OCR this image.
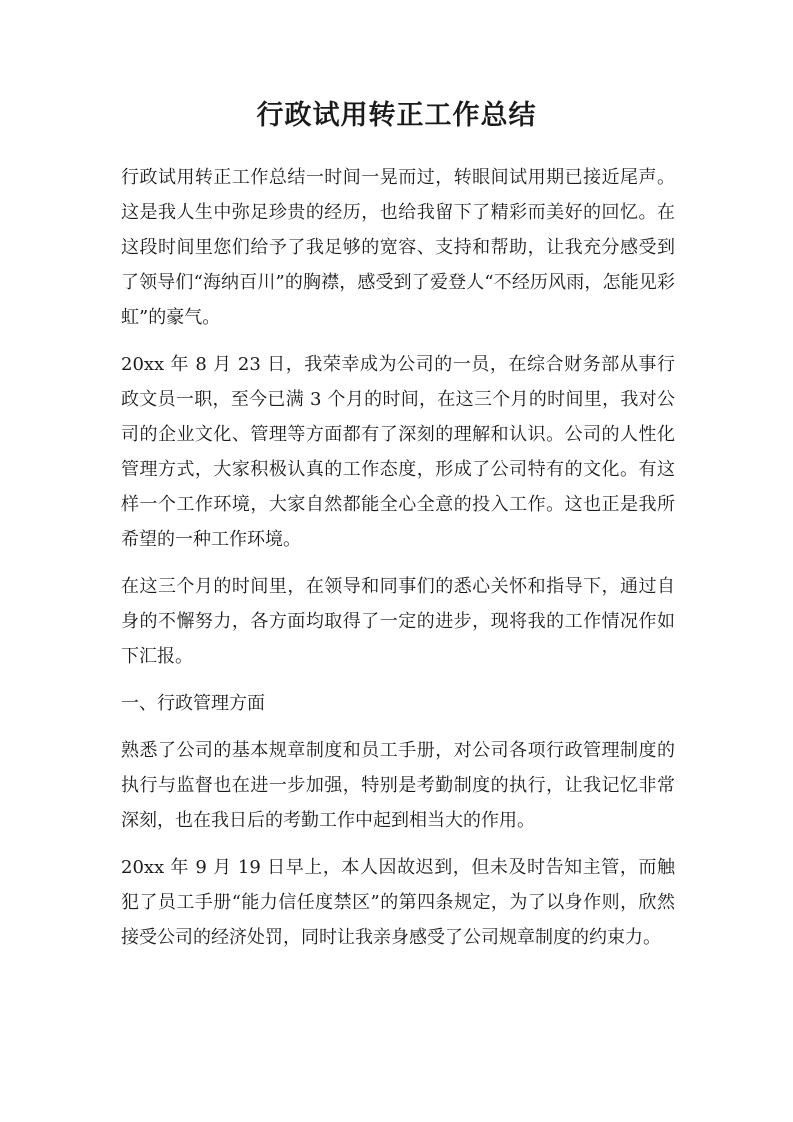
行政试用转正工作总结

行政试用转正工作总结一时间一晃而过，转眼间试用期已接近尾声。这是我人生中弥足珍贵的经历，也给我留下了精彩而美好的回忆。在这段时间里您们给予了我足够的宽容、支持和帮助，让我充分感受到了领导们“海纳百川”的胸襟，感受到了爱登人“不经历风雨，怎能见彩虹”的豪气。

20xx 年 8 月 23 日，我荣幸成为公司的一员，在综合财务部从事行政文员一职，至今已满 3 个月的时间，在这三个月的时间里，我对公司的企业文化、管理等方面都有了深刻的理解和认识。公司的人性化管理方式，大家积极认真的工作态度，形成了公司特有的文化。有这样一个工作环境，大家自然都能全心全意的投入工作。这也正是我所希望的一种工作环境。

在这三个月的时间里，在领导和同事们的悉心关怀和指导下，通过自身的不懈努力，各方面均取得了一定的进步，现将我的工作情况作如下汇报。

一、行政管理方面

熟悉了公司的基本规章制度和员工手册，对公司各项行政管理制度的执行与监督也在进一步加强，特别是考勤制度的执行，让我记忆非常深刻，也在我日后的考勤工作中起到相当大的作用。

20xx 年 9 月 19 日早上，本人因故迟到，但未及时告知主管，而触犯了员工手册“能力信任度禁区”的第四条规定，为了以身作则，欣然接受公司的经济处罚，同时让我亲身感受了公司规章制度的约束力。
